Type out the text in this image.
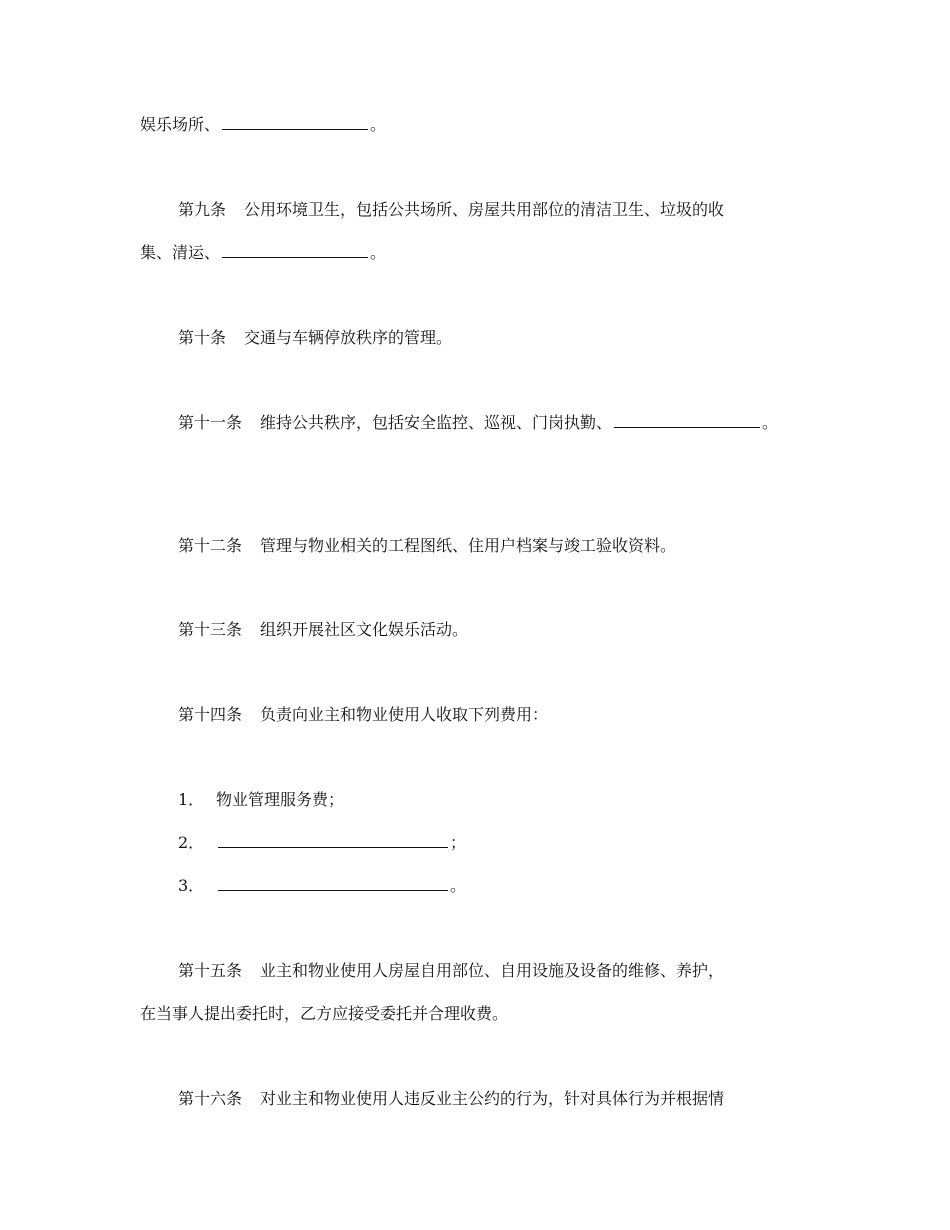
娱乐场所、	。
第九条 公用环境卫生，包括公共场所、房屋共用部位的清洁卫生、垃圾的收
集、清运、	。
第十条 交通与车辆停放秩序的管理。
第十一条 维持公共秩序，包括安全监控、巡视、门岗执勤、	。
第十二条 管理与物业相关的工程图纸、住用户档案与竣工验收资料。
第十三条 组织开展社区文化娱乐活动。
第十四条 负责向业主和物业使用人收取下列费用：
1． 物业管理服务费；
2．	；
3．	。
第十五条 业主和物业使用人房屋自用部位、自用设施及设备的维修、养护，
在当事人提出委托时，乙方应接受委托并合理收费。
第十六条 对业主和物业使用人违反业主公约的行为，针对具体行为并根据情
